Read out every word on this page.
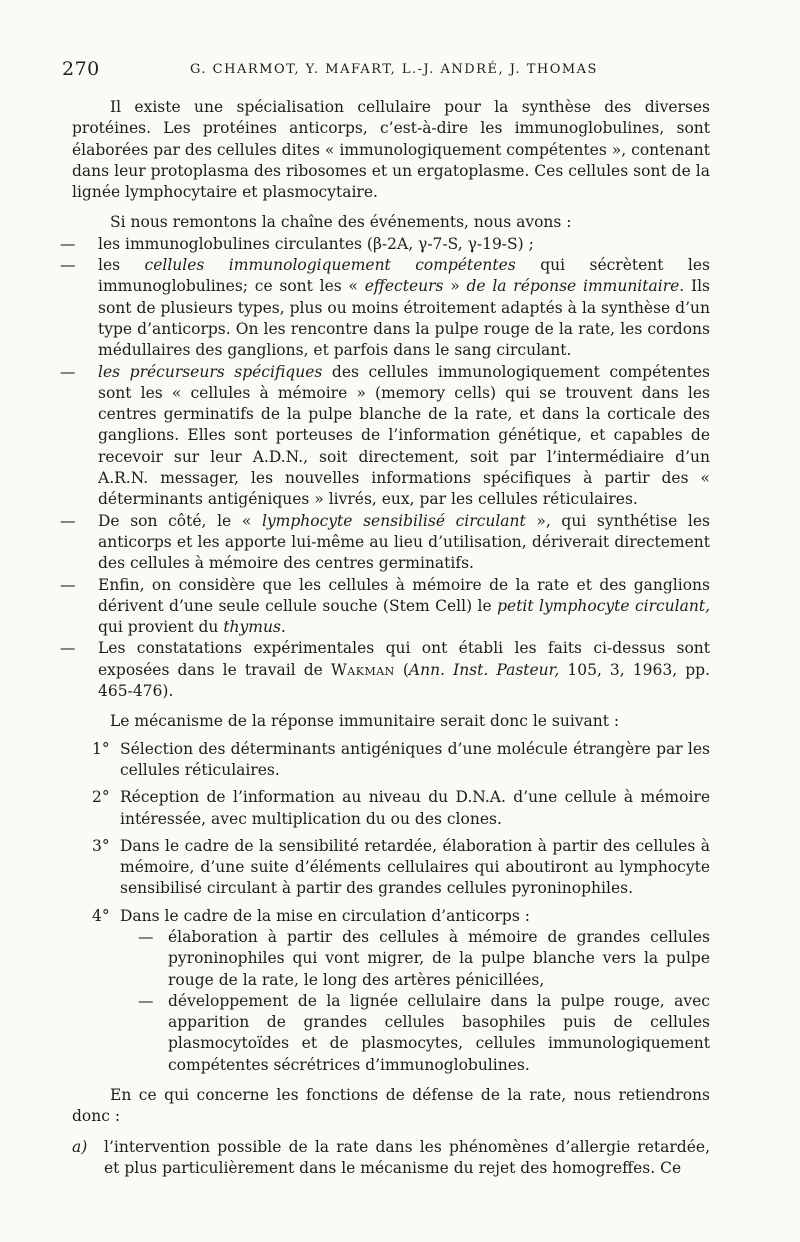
270	G. CHARMOT, Y. MAFART, L.-J. ANDRÉ, J. THOMAS

Il existe une spécialisation cellulaire pour la synthèse des diverses protéines. Les protéines anticorps, c’est-à-dire les immunoglobulines, sont élaborées par des cellules dites « immunologiquement compétentes », contenant dans leur protoplasma des ribosomes et un ergatoplasme. Ces cellules sont de la lignée lymphocytaire et plasmocytaire.

Si nous remontons la chaîne des événements, nous avons :

— les immunoglobulines circulantes (β-2A, γ-7-S, γ-19-S) ;

— les cellules immunologiquement compétentes qui sécrètent les immunoglobulines; ce sont les « effecteurs » de la réponse immunitaire. Ils sont de plusieurs types, plus ou moins étroitement adaptés à la synthèse d’un type d’anticorps. On les rencontre dans la pulpe rouge de la rate, les cordons médullaires des ganglions, et parfois dans le sang circulant.

— les précurseurs spécifiques des cellules immunologiquement compétentes sont les « cellules à mémoire » (memory cells) qui se trouvent dans les centres germinatifs de la pulpe blanche de la rate, et dans la corticale des ganglions. Elles sont porteuses de l’information génétique, et capables de recevoir sur leur A.D.N., soit directement, soit par l’intermédiaire d’un A.R.N. messager, les nouvelles informations spécifiques à partir des « déterminants antigéniques » livrés, eux, par les cellules réticulaires.

— De son côté, le « lymphocyte sensibilisé circulant », qui synthétise les anticorps et les apporte lui-même au lieu d’utilisation, dériverait directement des cellules à mémoire des centres germinatifs.

— Enfin, on considère que les cellules à mémoire de la rate et des ganglions dérivent d’une seule cellule souche (Stem Cell) le petit lymphocyte circulant, qui provient du thymus.

— Les constatations expérimentales qui ont établi les faits ci-dessus sont exposées dans le travail de Wakman (Ann. Inst. Pasteur, 105, 3, 1963, pp. 465-476).

Le mécanisme de la réponse immunitaire serait donc le suivant :

1° Sélection des déterminants antigéniques d’une molécule étrangère par les cellules réticulaires.

2° Réception de l’information au niveau du D.N.A. d’une cellule à mémoire intéressée, avec multiplication du ou des clones.

3° Dans le cadre de la sensibilité retardée, élaboration à partir des cellules à mémoire, d’une suite d’éléments cellulaires qui aboutiront au lymphocyte sensibilisé circulant à partir des grandes cellules pyroninophiles.

4° Dans le cadre de la mise en circulation d’anticorps :

— élaboration à partir des cellules à mémoire de grandes cellules pyroninophiles qui vont migrer, de la pulpe blanche vers la pulpe rouge de la rate, le long des artères pénicillées,

— développement de la lignée cellulaire dans la pulpe rouge, avec apparition de grandes cellules basophiles puis de cellules plasmocytoïdes et de plasmocytes, cellules immunologiquement compétentes sécrétrices d’immunoglobulines.

En ce qui concerne les fonctions de défense de la rate, nous retiendrons donc :

a) l’intervention possible de la rate dans les phénomènes d’allergie retardée, et plus particulièrement dans le mécanisme du rejet des homogreffes. Ce
